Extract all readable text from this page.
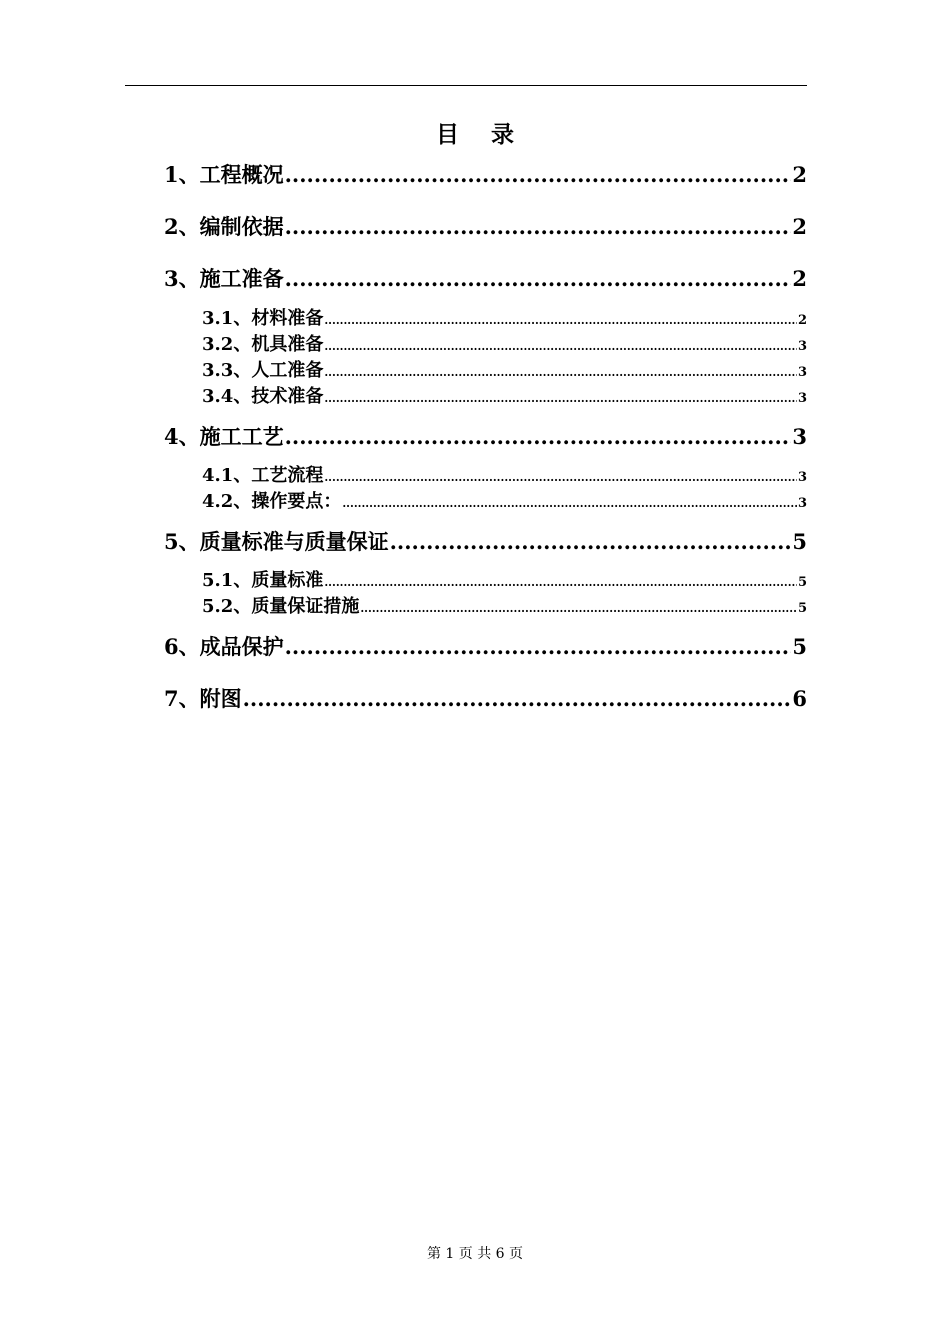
目    录
1、工程概况 .....	2
2、编制依据 .....	2
3、施工准备 .....	2
3.1、材料准备 .....	2
3.2、机具准备 .....	3
3.3、人工准备 .....	3
3.4、技术准备 .....	3
4、施工工艺 .....	3
4.1、工艺流程 .....	3
4.2、操作要点： .....	3
5、质量标准与质量保证 .....	5
5.1、质量标准 .....	5
5.2、质量保证措施 .....	5
6、成品保护 .....	5
7、附图 .....	6
第 1 页 共 6 页
